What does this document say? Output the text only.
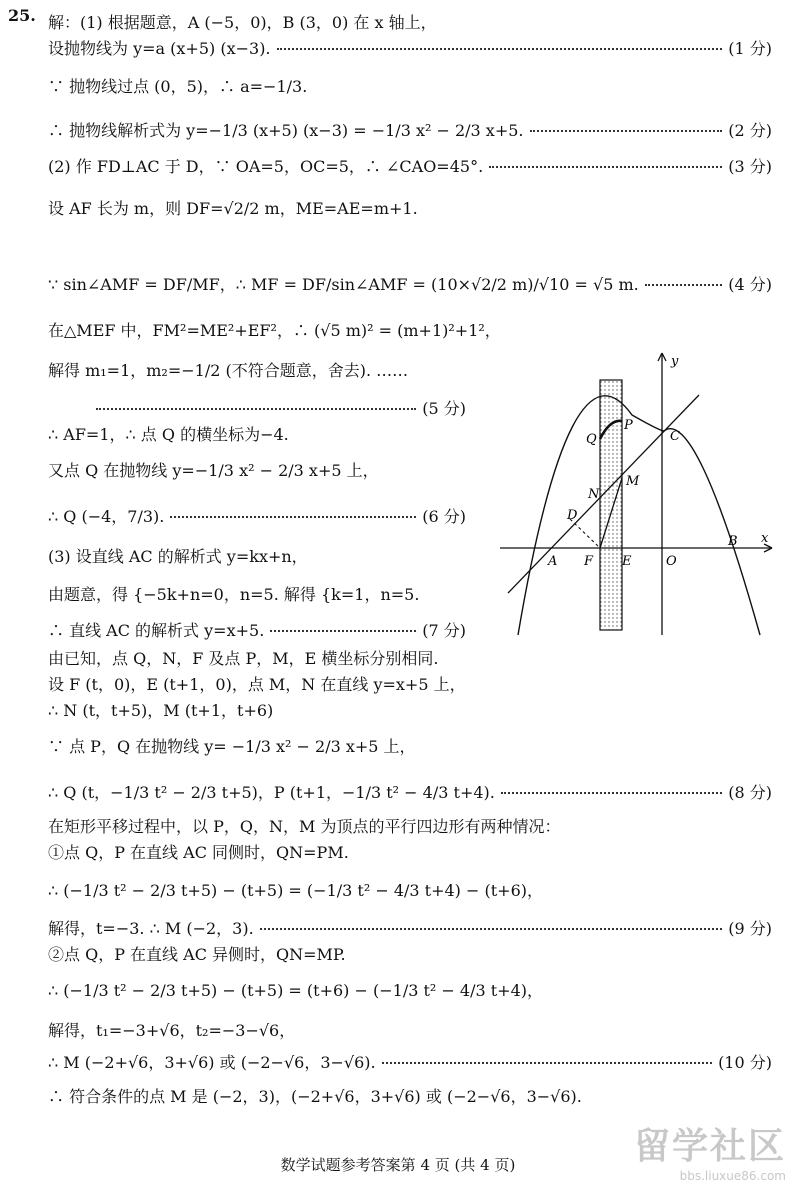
25. 解：(1) 根据题意，A (−5，0)，B (3，0) 在 x 轴上，
设抛物线为 y=a (x+5) (x−3).	(1 分)
∵ 抛物线过点 (0，5)，∴ a=−1/3.
∴ 抛物线解析式为 y=−1/3 (x+5) (x−3) = −1/3 x² − 2/3 x+5.	(2 分)
(2) 作 FD⊥AC 于 D，∵ OA=5，OC=5，∴ ∠CAO=45°.	(3 分)
设 AF 长为 m，则 DF=√2/2 m，ME=AE=m+1.
∵ sin∠AMF = DF/MF，∴ MF = DF/sin∠AMF = (10×√2/2 m)/√10 = √5 m.	(4 分)
在△MEF 中，FM²=ME²+EF²，∴ (√5 m)² = (m+1)²+1²，
解得 m₁=1，m₂=−1/2 (不符合题意，舍去). ……
(5 分)
∴ AF=1，∴ 点 Q 的横坐标为−4.
又点 Q 在抛物线 y=−1/3 x² − 2/3 x+5 上，
∴ Q (−4，7/3).	(6 分)
(3) 设直线 AC 的解析式 y=kx+n，
由题意，得 {−5k+n=0，n=5. 解得 {k=1，n=5.
∴ 直线 AC 的解析式 y=x+5.	(7 分)
由已知，点 Q，N，F 及点 P，M，E 横坐标分别相同.
设 F (t，0)，E (t+1，0)，点 M，N 在直线 y=x+5 上，
∴ N (t，t+5)，M (t+1，t+6)
∵ 点 P，Q 在抛物线 y= −1/3 x² − 2/3 x+5 上，
∴ Q (t，−1/3 t² − 2/3 t+5)，P (t+1，−1/3 t² − 4/3 t+4).	(8 分)
在矩形平移过程中，以 P，Q，N，M 为顶点的平行四边形有两种情况：
①点 Q，P 在直线 AC 同侧时，QN=PM.
∴ (−1/3 t² − 2/3 t+5) − (t+5) = (−1/3 t² − 4/3 t+4) − (t+6)，
解得，t=−3. ∴ M (−2，3).	(9 分)
②点 Q，P 在直线 AC 异侧时，QN=MP.
∴ (−1/3 t² − 2/3 t+5) − (t+5) = (t+6) − (−1/3 t² − 4/3 t+4)，
解得，t₁=−3+√6，t₂=−3−√6，
∴ M (−2+√6，3+√6) 或 (−2−√6，3−√6).	(10 分)
∴ 符合条件的点 M 是 (−2，3)，(−2+√6，3+√6) 或 (−2−√6，3−√6).
y
x
A F E	O
B
C
P
Q
N
M
D
数学试题参考答案第 4 页 (共 4 页)	留学社区
bbs.liuxue86.com
